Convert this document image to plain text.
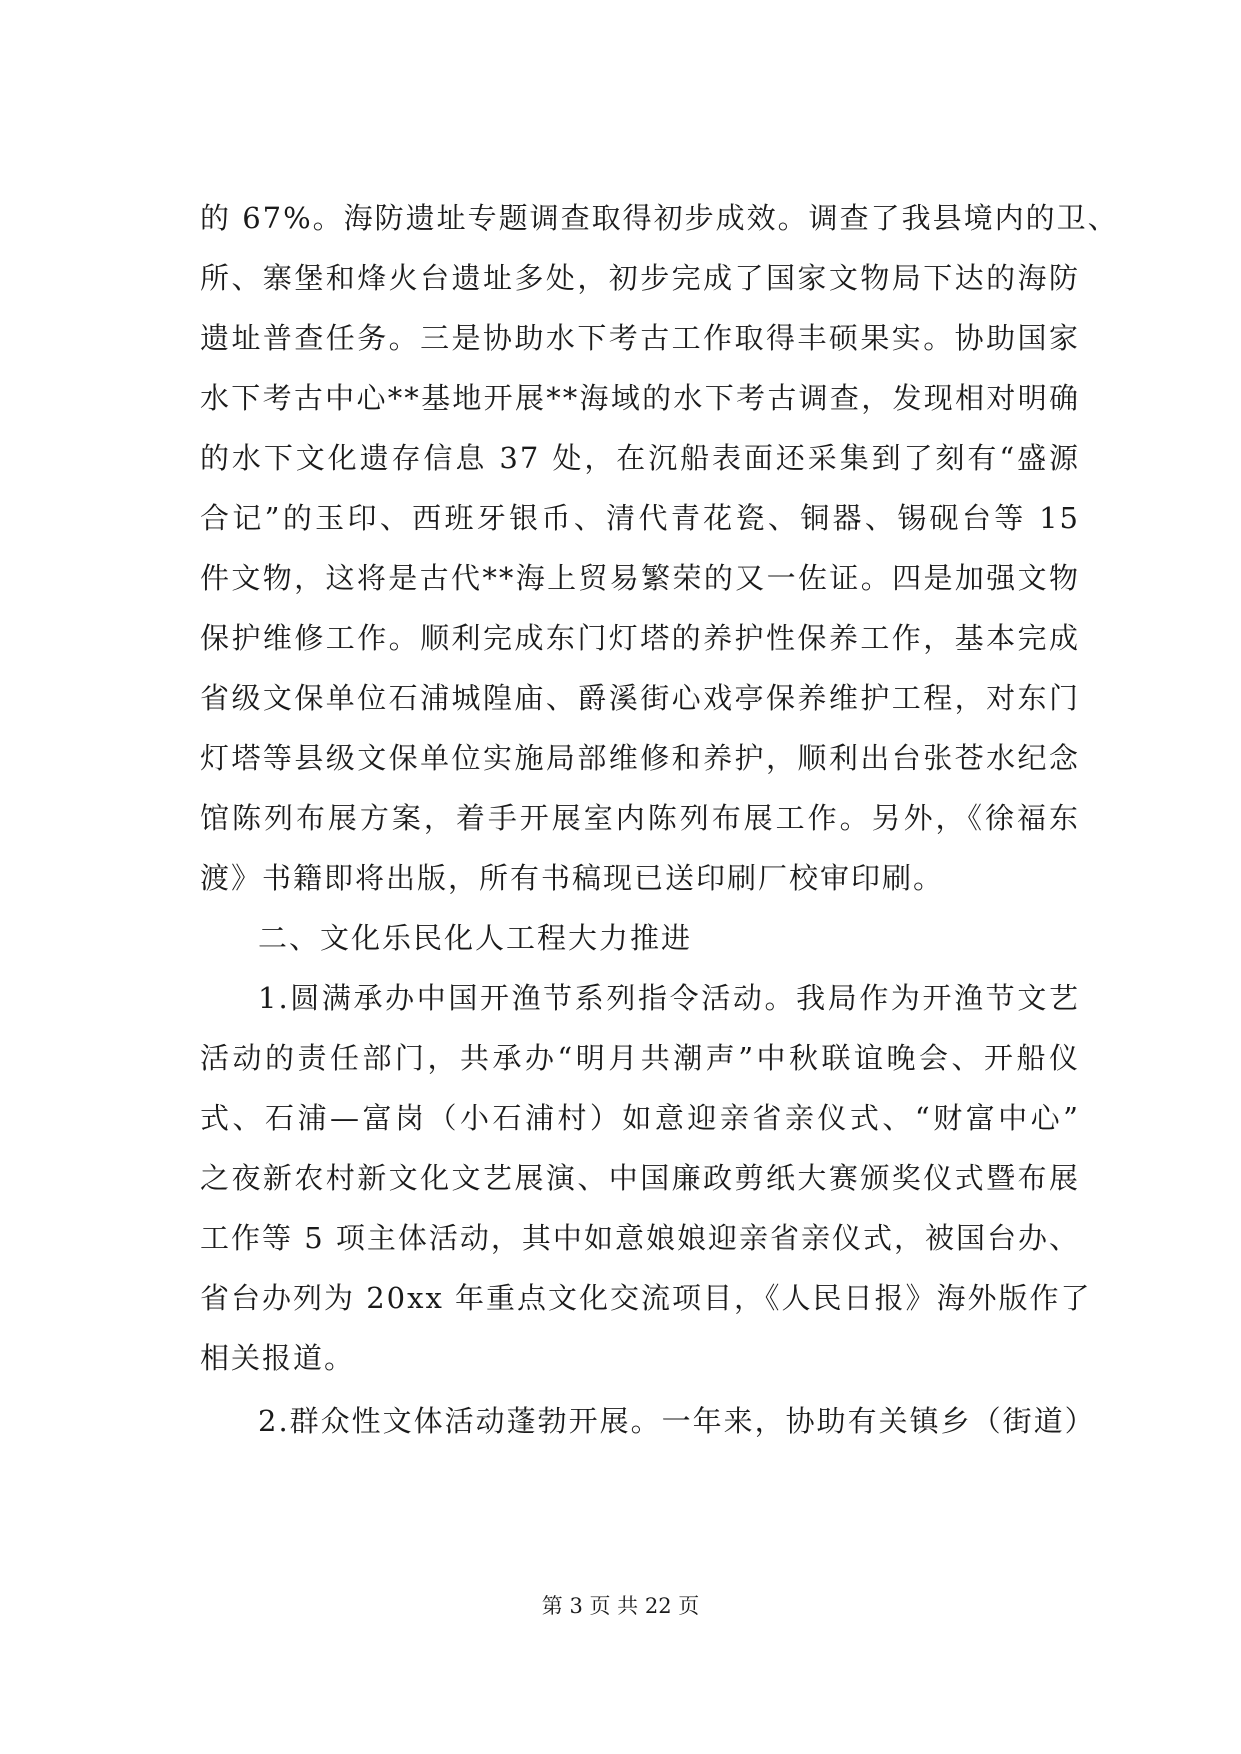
的 67%。海防遗址专题调查取得初步成效。调查了我县境内的卫、
所、寨堡和烽火台遗址多处，初步完成了国家文物局下达的海防
遗址普查任务。三是协助水下考古工作取得丰硕果实。协助国家
水下考古中心**基地开展**海域的水下考古调查，发现相对明确
的水下文化遗存信息 37 处，在沉船表面还采集到了刻有“盛源
合记”的玉印、西班牙银币、清代青花瓷、铜器、锡砚台等 15
件文物，这将是古代**海上贸易繁荣的又一佐证。四是加强文物
保护维修工作。顺利完成东门灯塔的养护性保养工作，基本完成
省级文保单位石浦城隍庙、爵溪街心戏亭保养维护工程，对东门
灯塔等县级文保单位实施局部维修和养护，顺利出台张苍水纪念
馆陈列布展方案，着手开展室内陈列布展工作。另外，《徐福东
渡》书籍即将出版，所有书稿现已送印刷厂校审印刷。
二、文化乐民化人工程大力推进
1.圆满承办中国开渔节系列指令活动。我局作为开渔节文艺
活动的责任部门，共承办“明月共潮声”中秋联谊晚会、开船仪
式、石浦—富岗（小石浦村）如意迎亲省亲仪式、“财富中心”
之夜新农村新文化文艺展演、中国廉政剪纸大赛颁奖仪式暨布展
工作等 5 项主体活动，其中如意娘娘迎亲省亲仪式，被国台办、
省台办列为 20xx 年重点文化交流项目，《人民日报》海外版作了
相关报道。
2.群众性文体活动蓬勃开展。一年来，协助有关镇乡（街道）
第 3 页 共 22 页
